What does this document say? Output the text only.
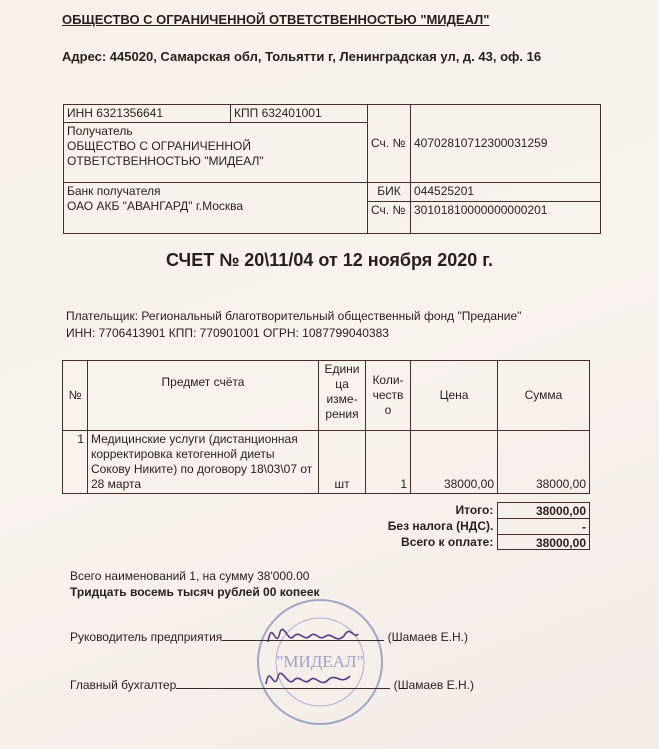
ОБЩЕСТВО С ОГРАНИЧЕННОЙ ОТВЕТСТВЕННОСТЬЮ "МИДЕАЛ"
Адрес: 445020, Самарская обл, Тольятти г, Ленинградская ул, д. 43, оф. 16
ИНН 6321356641	КПП 632401001	Сч. №	40702810712300031259

Получатель
ОБЩЕСТВО С ОГРАНИЧЕННОЙ
ОТВЕТСТВЕННОСТЬЮ "МИДЕАЛ"			

Банк получателя
ОАО АКБ "АВАНГАРД" г.Москва		БИК	044525201
		Сч. №	30101810000000000201
СЧЕТ № 20\11/04 от 12 ноября 2020 г.
Плательщик: Региональный благотворительный общественный фонд "Предание"
ИНН: 7706413901 КПП: 770901001 ОГРН: 1087799040383
№	Предмет счёта	Едини ца изме- рения	Коли- честв о	Цена	Сумма
1	Медицинские услуги (дистанционная корректировка кетогенной диеты Сокову Никите) по договору 18\03\07 от 28 марта	шт	1	38000,00	38000,00
Итого:	38000,00
Без налога (НДС).	-
Всего к оплате:	38000,00
Всего наименований 1, на сумму 38'000.00
Тридцать восемь тысяч рублей 00 копеек
"МИДЕАЛ"
Руководитель предприятия	(Шамаев Е.Н.)
Главный бухгалтер	(Шамаев Е.Н.)
